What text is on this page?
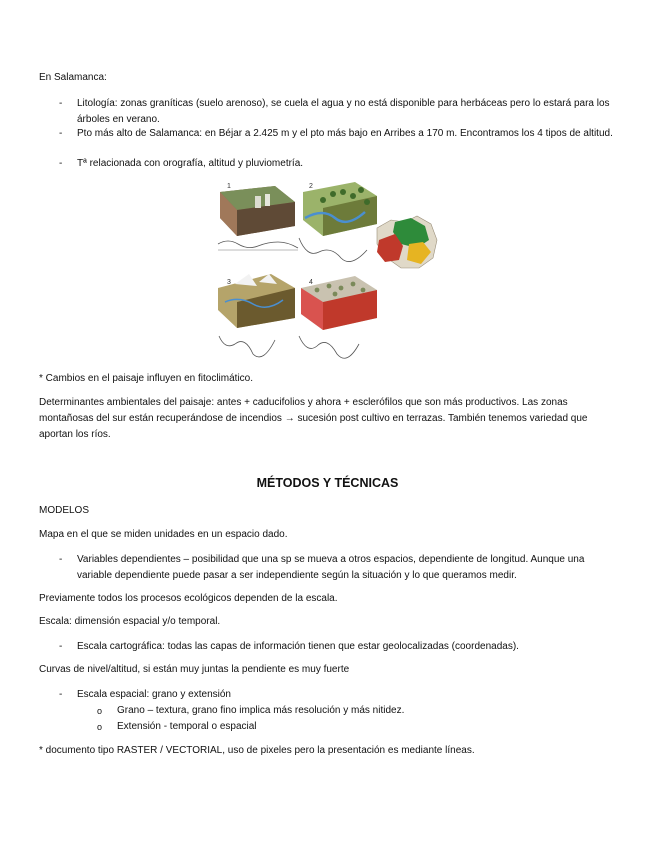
En Salamanca:

-	Litología: zonas graníticas (suelo arenoso), se cuela el agua y no está disponible para herbáceas pero lo estará para los árboles en verano.

-	Pto más alto de Salamanca: en Béjar a 2.425 m y el pto más bajo en Arribes a 170 m. Encontramos los 4 tipos de altitud.

-	Tª relacionada con orografía, altitud y pluviometría.

1	2
3	4

* Cambios en el paisaje influyen en fitoclimático.

Determinantes ambientales del paisaje: antes + caducifolios y ahora + esclerófilos que son más productivos. Las zonas montañosas del sur están recuperándose de incendios → sucesión post cultivo en terrazas. También tenemos variedad que aportan los ríos.

MÉTODOS Y TÉCNICAS

MODELOS

Mapa en el que se miden unidades en un espacio dado.

-	Variables dependientes – posibilidad que una sp se mueva a otros espacios, dependiente de longitud. Aunque una variable dependiente puede pasar a ser independiente según la situación y lo que queramos medir.

Previamente todos los procesos ecológicos dependen de la escala.

Escala: dimensión espacial y/o temporal.

-	Escala cartográfica: todas las capas de información tienen que estar geolocalizadas (coordenadas).

Curvas de nivel/altitud, si están muy juntas la pendiente es muy fuerte

-	Escala espacial: grano y extensión

o Grano – textura, grano fino implica más resolución y más nitidez.

o Extensión - temporal o espacial

* documento tipo RASTER / VECTORIAL, uso de pixeles pero la presentación es mediante líneas.
